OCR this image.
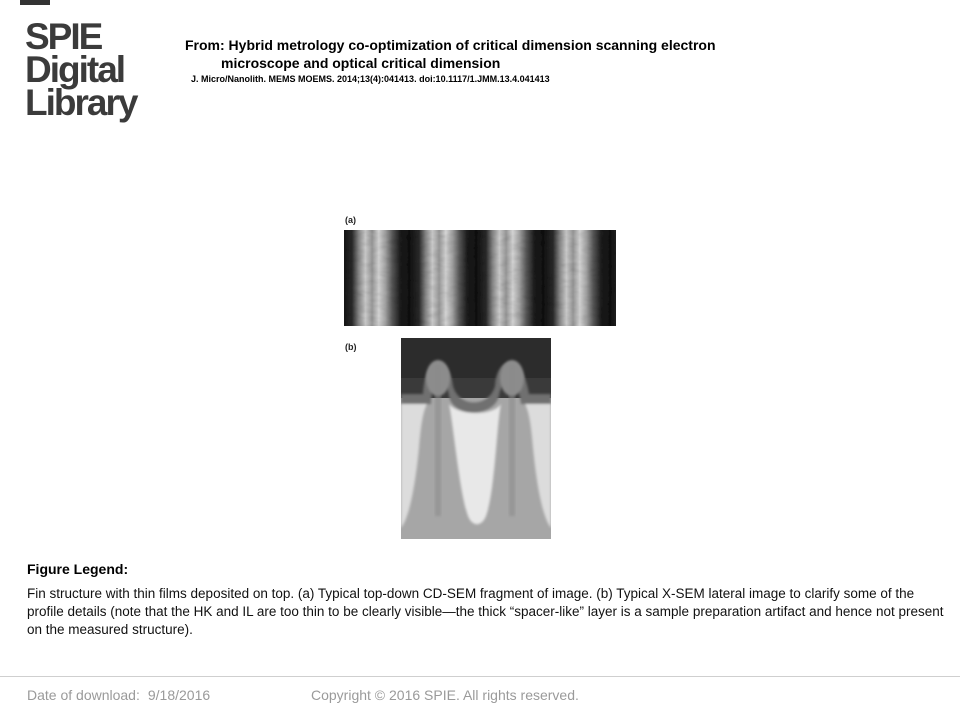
SPIE
Digital
Library

From: Hybrid metrology co-optimization of critical dimension scanning electron
microscope and optical critical dimension

J. Micro/Nanolith. MEMS MOEMS. 2014;13(4):041413. doi:10.1117/1.JMM.13.4.041413
(a)
(b)
Figure Legend:
Fin structure with thin films deposited on top. (a) Typical top-down CD-SEM fragment of image. (b) Typical X-SEM lateral image to clarify some of the profile details (note that the HK and IL are too thin to be clearly visible—the thick “spacer-like” layer is a sample preparation artifact and hence not present on the measured structure).
Date of download: 9/18/2016	Copyright © 2016 SPIE. All rights reserved.
